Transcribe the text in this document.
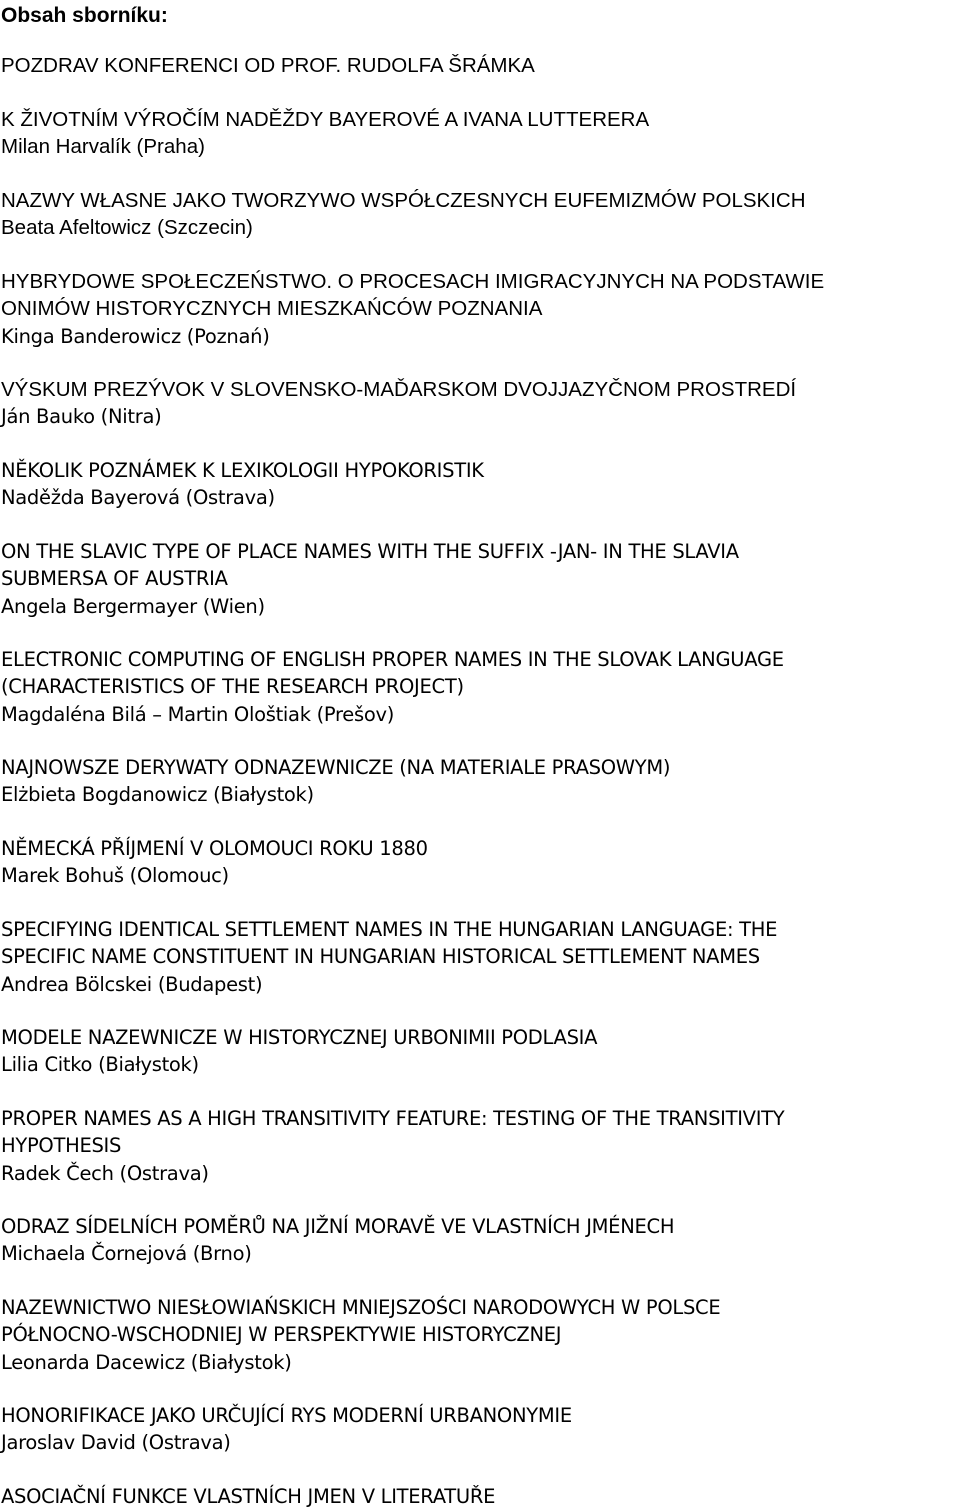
Obsah sborníku:
POZDRAV KONFERENCI OD PROF. RUDOLFA ŠRÁMKA
K ŽIVOTNÍM VÝROČÍM NADĚŽDY BAYEROVÉ A IVANA LUTTERERA
Milan Harvalík (Praha)
NAZWY WŁASNE JAKO TWORZYWO WSPÓŁCZESNYCH EUFEMIZMÓW POLSKICH
Beata Afeltowicz (Szczecin)
HYBRYDOWE SPOŁECZEŃSTWO. O PROCESACH IMIGRACYJNYCH NA PODSTAWIE
ONIMÓW HISTORYCZNYCH MIESZKAŃCÓW POZNANIA
Kinga Banderowicz (Poznań)
VÝSKUM PREZÝVOK V SLOVENSKO-MAĎARSKOM DVOJJAZYČNOM PROSTREDÍ
Ján Bauko (Nitra)
NĚKOLIK POZNÁMEK K LEXIKOLOGII HYPOKORISTIK
Naděžda Bayerová (Ostrava)
ON THE SLAVIC TYPE OF PLACE NAMES WITH THE SUFFIX -JAN- IN THE SLAVIA
SUBMERSA OF AUSTRIA
Angela Bergermayer (Wien)
ELECTRONIC COMPUTING OF ENGLISH PROPER NAMES IN THE SLOVAK LANGUAGE
(CHARACTERISTICS OF THE RESEARCH PROJECT)
Magdaléna Bilá – Martin Ološtiak (Prešov)
NAJNOWSZE DERYWATY ODNAZEWNICZE (NA MATERIALE PRASOWYM)
Elżbieta Bogdanowicz (Białystok)
NĚMECKÁ PŘÍJMENÍ V OLOMOUCI ROKU 1880
Marek Bohuš (Olomouc)
SPECIFYING IDENTICAL SETTLEMENT NAMES IN THE HUNGARIAN LANGUAGE: THE
SPECIFIC NAME CONSTITUENT IN HUNGARIAN HISTORICAL SETTLEMENT NAMES
Andrea Bölcskei (Budapest)
MODELE NAZEWNICZE W HISTORYCZNEJ URBONIMII PODLASIA
Lilia Citko (Białystok)
PROPER NAMES AS A HIGH TRANSITIVITY FEATURE: TESTING OF THE TRANSITIVITY
HYPOTHESIS
Radek Čech (Ostrava)
ODRAZ SÍDELNÍCH POMĚRŮ NA JIŽNÍ MORAVĚ VE VLASTNÍCH JMÉNECH
Michaela Čornejová (Brno)
NAZEWNICTWO NIESŁOWIAŃSKICH MNIEJSZOŚCI NARODOWYCH W POLSCE
PÓŁNOCNO-WSCHODNIEJ W PERSPEKTYWIE HISTORYCZNEJ
Leonarda Dacewicz (Białystok)
HONORIFIKACE JAKO URČUJÍCÍ RYS MODERNÍ URBANONYMIE
Jaroslav David (Ostrava)
ASOCIAČNÍ FUNKCE VLASTNÍCH JMEN V LITERATUŘE
